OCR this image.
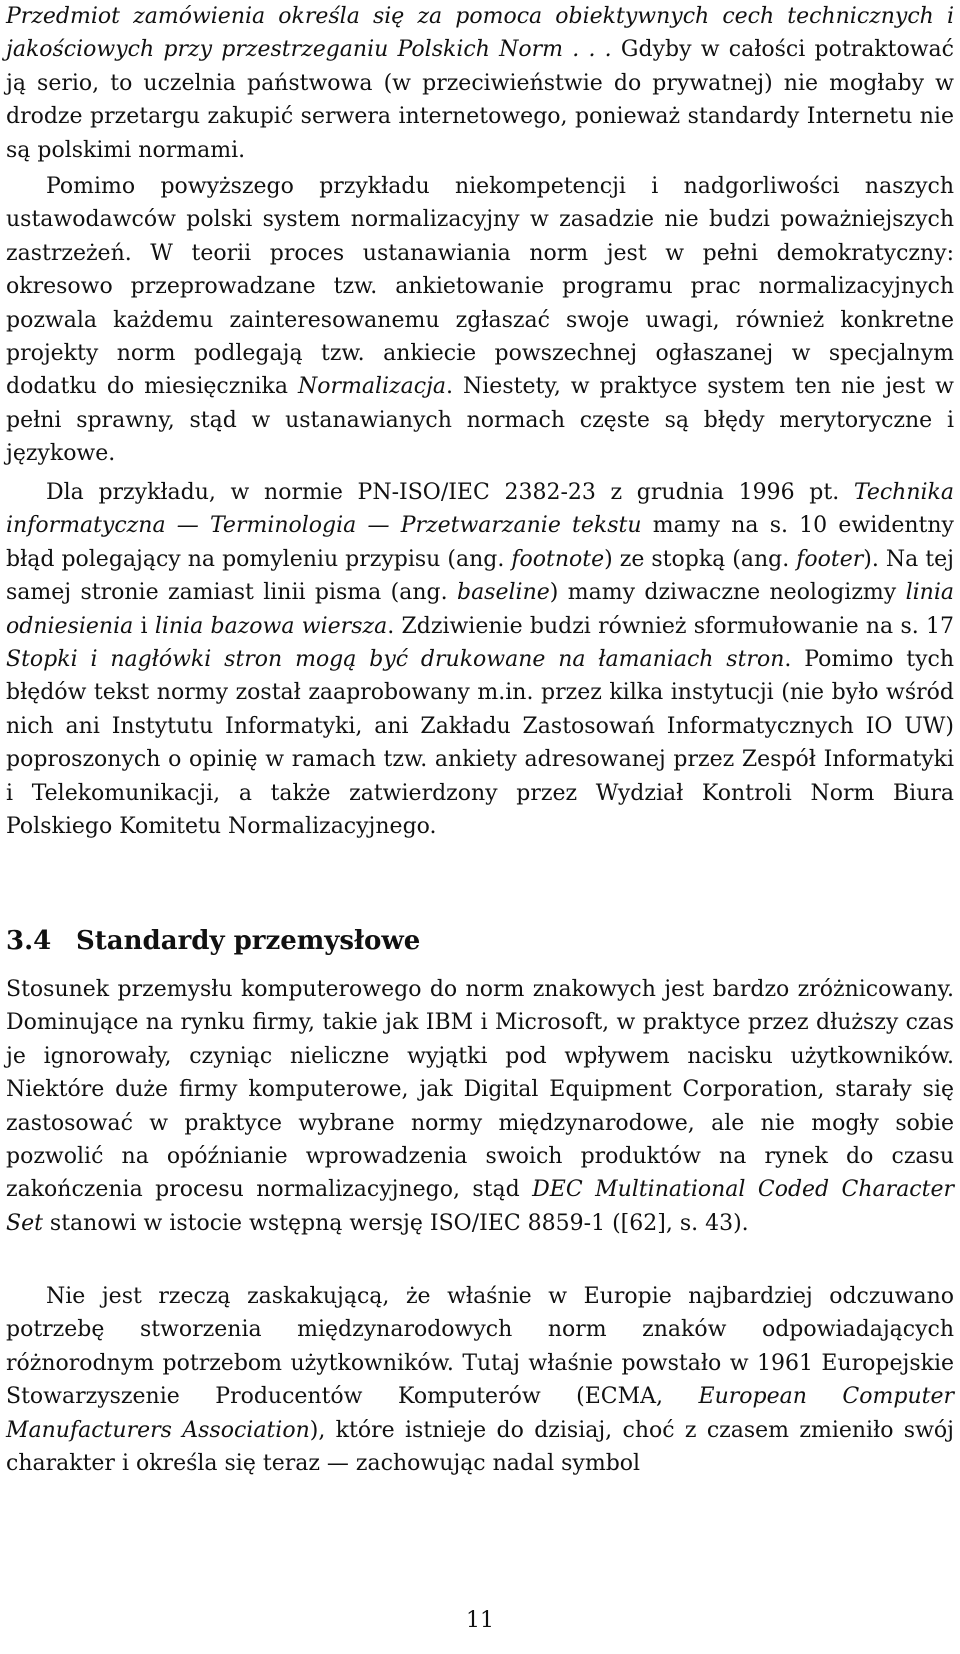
Przedmiot zamówienia określa się za pomoca obiektywnych cech technicznych i jakościowych przy przestrzeganiu Polskich Norm . . . Gdyby w całości potraktować ją serio, to uczelnia państwowa (w przeciwieństwie do prywatnej) nie mogłaby w drodze przetargu zakupić serwera internetowego, ponieważ standardy Internetu nie są polskimi normami.

Pomimo powyższego przykładu niekompetencji i nadgorliwości naszych ustawodawców polski system normalizacyjny w zasadzie nie budzi poważniejszych zastrzeżeń. W teorii proces ustanawiania norm jest w pełni demokratyczny: okresowo przeprowadzane tzw. ankietowanie programu prac normalizacyjnych pozwala każdemu zainteresowanemu zgłaszać swoje uwagi, również konkretne projekty norm podlegają tzw. ankiecie powszechnej ogłaszanej w specjalnym dodatku do miesięcznika Normalizacja. Niestety, w praktyce system ten nie jest w pełni sprawny, stąd w ustanawianych normach częste są błędy merytoryczne i językowe.

Dla przykładu, w normie PN-ISO/IEC 2382-23 z grudnia 1996 pt. Technika informatyczna — Terminologia — Przetwarzanie tekstu mamy na s. 10 ewidentny błąd polegający na pomyleniu przypisu (ang. footnote) ze stopką (ang. footer). Na tej samej stronie zamiast linii pisma (ang. baseline) mamy dziwaczne neologizmy linia odniesienia i linia bazowa wiersza. Zdziwienie budzi również sformułowanie na s. 17 Stopki i nagłówki stron mogą być drukowane na łamaniach stron. Pomimo tych błędów tekst normy został zaaprobowany m.in. przez kilka instytucji (nie było wśród nich ani Instytutu Informatyki, ani Zakładu Zastosowań Informatycznych IO UW) poproszonych o opinię w ramach tzw. ankiety adresowanej przez Zespół Informatyki i Telekomunikacji, a także zatwierdzony przez Wydział Kontroli Norm Biura Polskiego Komitetu Normalizacyjnego.

3.4 Standardy przemysłowe

Stosunek przemysłu komputerowego do norm znakowych jest bardzo zróżnicowany. Dominujące na rynku firmy, takie jak IBM i Microsoft, w praktyce przez dłuższy czas je ignorowały, czyniąc nieliczne wyjątki pod wpływem nacisku użytkowników. Niektóre duże firmy komputerowe, jak Digital Equipment Corporation, starały się zastosować w praktyce wybrane normy międzynarodowe, ale nie mogły sobie pozwolić na opóźnianie wprowadzenia swoich produktów na rynek do czasu zakończenia procesu normalizacyjnego, stąd DEC Multinational Coded Character Set stanowi w istocie wstępną wersję ISO/IEC 8859-1 ([62], s. 43).

Nie jest rzeczą zaskakującą, że właśnie w Europie najbardziej odczuwano potrzebę stworzenia międzynarodowych norm znaków odpowiadających różnorodnym potrzebom użytkowników. Tutaj właśnie powstało w 1961 Europejskie Stowarzyszenie Producentów Komputerów (ECMA, European Computer Manufacturers Association), które istnieje do dzisiaj, choć z czasem zmieniło swój charakter i określa się teraz — zachowując nadal symbol

11
